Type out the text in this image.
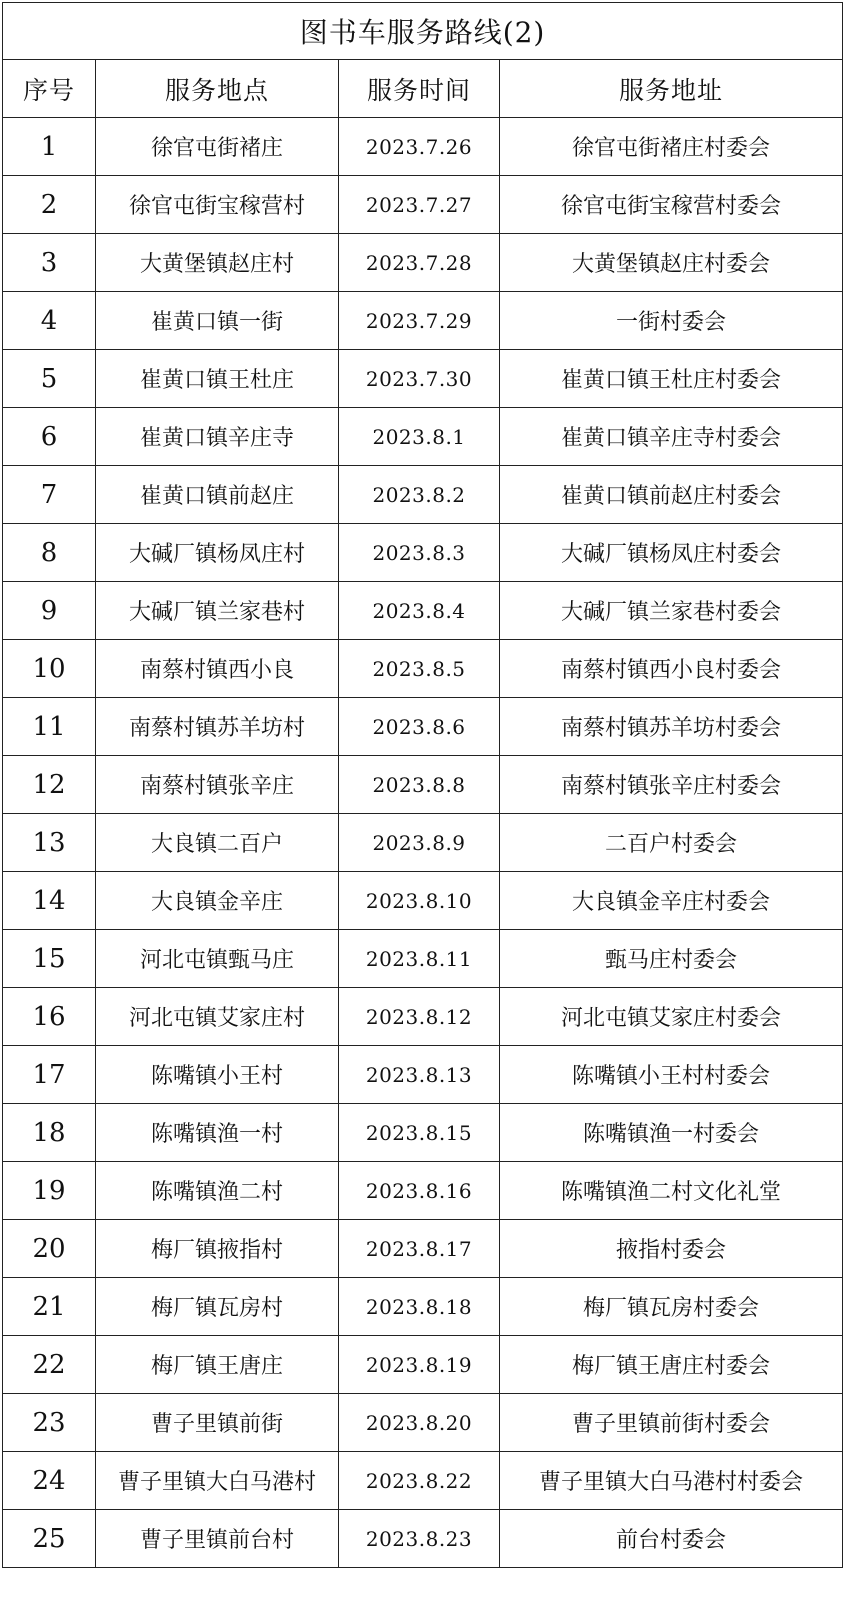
图书车服务路线(2)			
序号	服务地点	服务时间	服务地址
1	徐官屯街褚庄	2023.7.26	徐官屯街褚庄村委会
2	徐官屯街宝稼营村	2023.7.27	徐官屯街宝稼营村委会
3	大黄堡镇赵庄村	2023.7.28	大黄堡镇赵庄村委会
4	崔黄口镇一街	2023.7.29	一街村委会
5	崔黄口镇王杜庄	2023.7.30	崔黄口镇王杜庄村委会
6	崔黄口镇辛庄寺	2023.8.1	崔黄口镇辛庄寺村委会
7	崔黄口镇前赵庄	2023.8.2	崔黄口镇前赵庄村委会
8	大碱厂镇杨凤庄村	2023.8.3	大碱厂镇杨凤庄村委会
9	大碱厂镇兰家巷村	2023.8.4	大碱厂镇兰家巷村委会
10	南蔡村镇西小良	2023.8.5	南蔡村镇西小良村委会
11	南蔡村镇苏羊坊村	2023.8.6	南蔡村镇苏羊坊村委会
12	南蔡村镇张辛庄	2023.8.8	南蔡村镇张辛庄村委会
13	大良镇二百户	2023.8.9	二百户村委会
14	大良镇金辛庄	2023.8.10	大良镇金辛庄村委会
15	河北屯镇甄马庄	2023.8.11	甄马庄村委会
16	河北屯镇艾家庄村	2023.8.12	河北屯镇艾家庄村委会
17	陈嘴镇小王村	2023.8.13	陈嘴镇小王村村委会
18	陈嘴镇渔一村	2023.8.15	陈嘴镇渔一村委会
19	陈嘴镇渔二村	2023.8.16	陈嘴镇渔二村文化礼堂
20	梅厂镇掖指村	2023.8.17	掖指村委会
21	梅厂镇瓦房村	2023.8.18	梅厂镇瓦房村委会
22	梅厂镇王唐庄	2023.8.19	梅厂镇王唐庄村委会
23	曹子里镇前街	2023.8.20	曹子里镇前街村委会
24	曹子里镇大白马港村	2023.8.22	曹子里镇大白马港村村委会
25	曹子里镇前台村	2023.8.23	前台村委会
